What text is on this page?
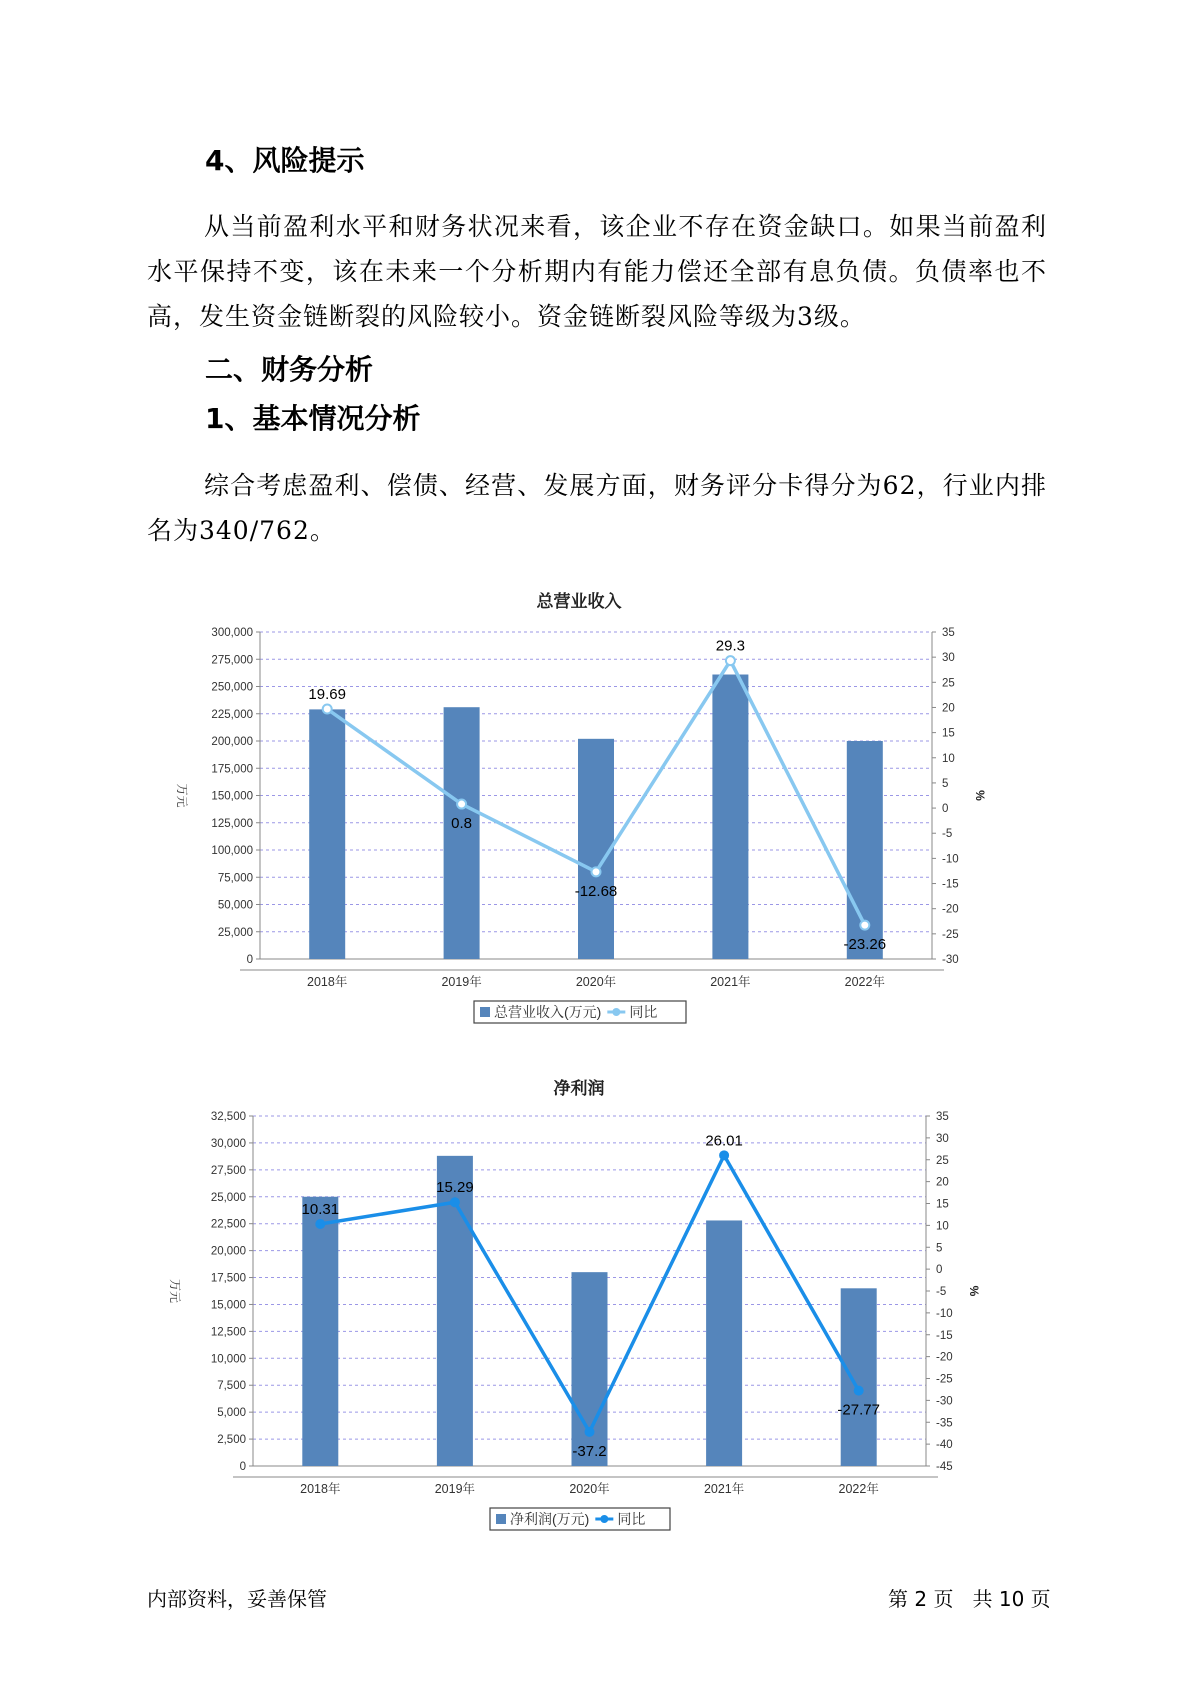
4、风险提示

从当前盈利水平和财务状况来看，该企业不存在资金缺口。如果当前盈利水平保持不变，该在未来一个分析期内有能力偿还全部有息负债。负债率也不高，发生资金链断裂的风险较小。资金链断裂风险等级为3级。

二、财务分析
1、基本情况分析

综合考虑盈利、偿债、经营、发展方面，财务评分卡得分为62，行业内排名为340/762。

总营业收入
0
25,000
50,000
75,000
100,000
125,000
150,000
175,000
200,000
225,000
250,000
275,000
300,000	35
30
25
20
15
10
5
0
-5
-10
-15
-20
-25
-30
万元	%
2018年	2019年	2020年	2021年	2022年
19.69
0.8
-12.68
29.3
-23.26
总营业收入(万元) 同比
净利润
0
2,500
5,000
7,500
10,000
12,500
15,000
17,500
20,000
22,500
25,000
27,500
30,000
32,500	35
30
25
20
15
10
5
0
-5
-10
-15
-20
-25
-30
-35
-40
-45
万元	%
2018年	2019年	2020年	2021年	2022年
10.31
15.29
-37.2
26.01
-27.77
净利润(万元) 同比
内部资料，妥善保管	第 2 页   共 10 页
